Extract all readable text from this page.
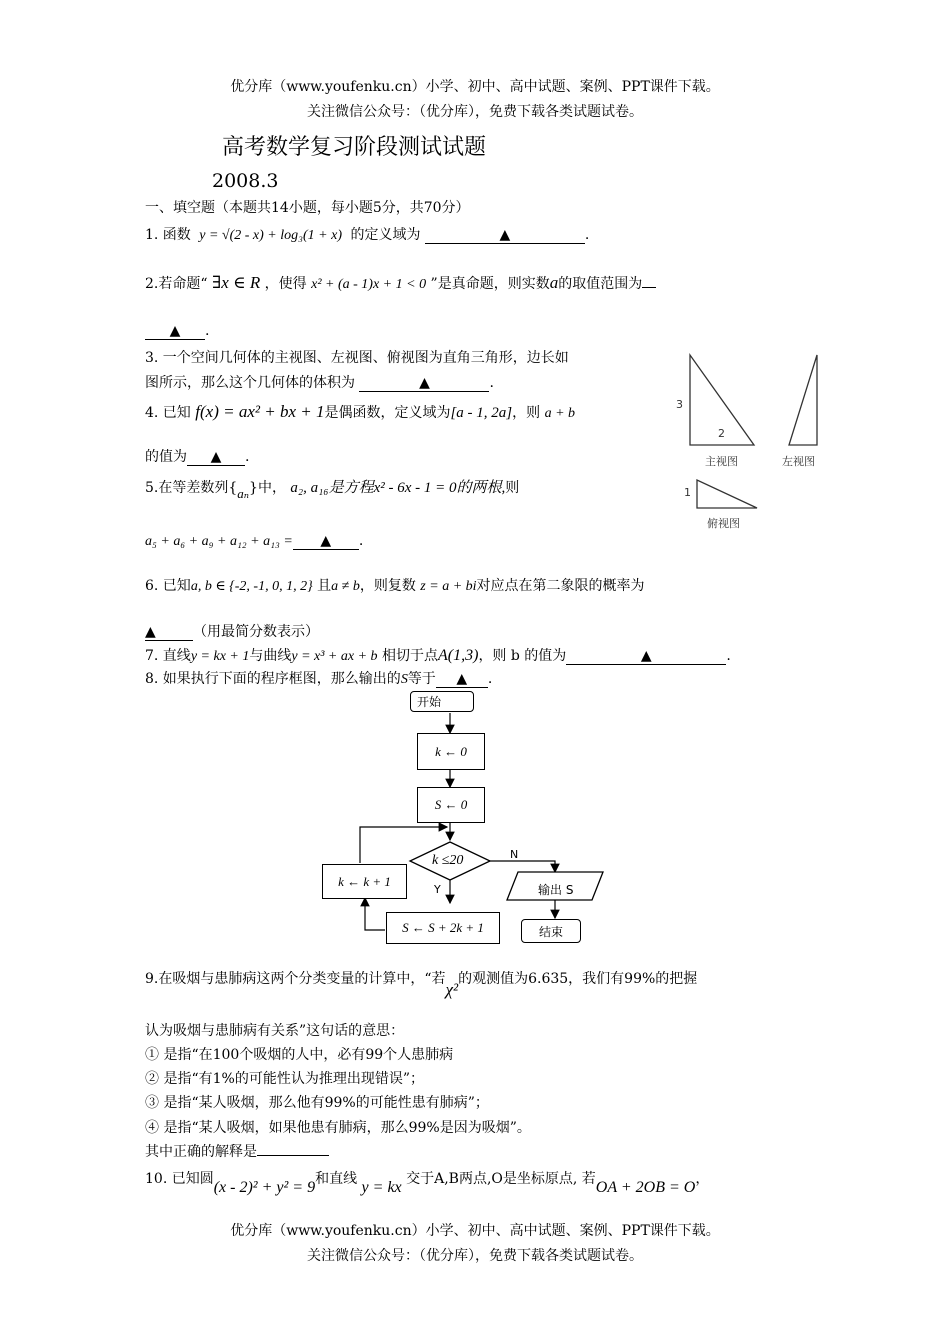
优分库（www.youfenku.cn）小学、初中、高中试题、案例、PPT课件下载。
关注微信公众号：（优分库），免费下载各类试题试卷。
高考数学复习阶段测试试题
2008.3
一、填空题（本题共14小题，每小题5分，共70分）
1. 函数 y = √(2 - x) + log₃(1 + x) 的定义域为	▲	.
2.若命题“ ∃x ∈ R ，使得 x² + (a - 1)x + 1 < 0 ”是真命题，则实数a的取值范围为
▲ .
3. 一个空间几何体的主视图、左视图、俯视图为直角三角形，边长如
图所示，那么这个几何体的体积为	▲	.
4. 已知 f(x) = ax² + bx + 1是偶函数，定义域为[a - 1, 2a]，则 a + b
的值为 ▲ .
5.在等差数列{aₙ}中， a₂, a₁₆是方程x² - 6x - 1 = 0的两根,则
a₅ + a₆ + a₉ + a₁₂ + a₁₃ = ▲ .
6. 已知a, b ∈ {-2, -1, 0, 1, 2} 且a ≠ b，则复数 z = a + bi对应点在第二象限的概率为
▲	（用最简分数表示）
7. 直线y = kx + 1与曲线y = x³ + ax + b 相切于点A(1,3)，则 b 的值为	▲	.
8. 如果执行下面的程序框图，那么输出的S等于 ▲ .
3
2
1
主视图	左视图
俯视图
开始
k ← 0
S ← 0
k ≤20	N
Y	输出 S
结束
S ← S + 2k + 1
k ← k + 1
9.在吸烟与患肺病这两个分类变量的计算中，“若χ²的观测值为6.635，我们有99%的把握
认为吸烟与患肺病有关系”这句话的意思：
① 是指“在100个吸烟的人中，必有99个人患肺病
② 是指“有1%的可能性认为推理出现错误”；
③ 是指“某人吸烟，那么他有99%的可能性患有肺病”；
④ 是指“某人吸烟，如果他患有肺病，那么99%是因为吸烟”。
其中正确的解释是
10. 已知圆(x - 2)² + y² = 9和直线 y = kx 交于A,B两点,O是坐标原点, 若OA + 2OB = O，
优分库（www.youfenku.cn）小学、初中、高中试题、案例、PPT课件下载。
关注微信公众号：（优分库），免费下载各类试题试卷。
